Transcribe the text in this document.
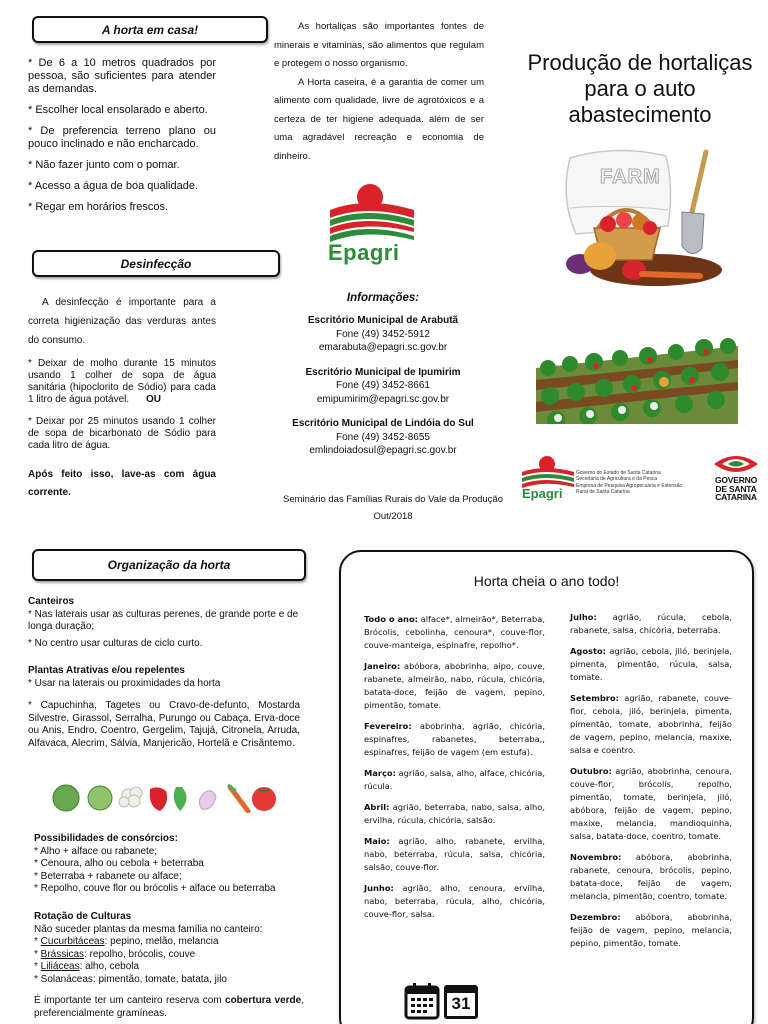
A horta em casa!

* De 6 a 10 metros quadrados por pessoa, são suficientes para atender as demandas.

* Escolher local ensolarado e aberto.

* De preferencia terreno plano ou pouco inclinado e não encharcado.

* Não fazer junto com o pomar.

* Acesso a água de boa qualidade.

* Regar em horários frescos.

Desinfecção

A desinfecção é importante para a correta higienização das verduras antes do consumo.

* Deixar de molho durante 15 minutos usando 1 colher de sopa de água sanitária (hipoclorito de Sódio) para cada 1 litro de água potável. OU

* Deixar por 25 minutos usando 1 colher de sopa de bicarbonato de Sódio para cada litro de água.

Após feito isso, lave-as com água corrente.

As hortaliças são importantes fontes de minerais e vitaminas, são alimentos que regulam e protegem o nosso organismo.

A Horta caseira, é a garantia de comer um alimento com qualidade, livre de agrotóxicos e a certeza de ter higiene adequada. além de ser uma agradável recreação e economia de dinheiro.

Epagri

Informações:

Escritório Municipal de Arabutã

Fone (49) 3452-5912

emarabuta@epagri.sc.gov.br

Escritório Municipal de Ipumirim

Fone (49) 3452-8661

emipumirim@epagri.sc.gov.br

Escritório Municipal de Lindóia do Sul

Fone (49) 3452-8655

emlindoiadosul@epagri.sc.gov.br

Seminário das Famílias Rurais do Vale da Produção

Out/2018

Produção de hortaliças para o auto abastecimento
FARM
Epagri
Governo do Estado de Santa Catarina
Secretaria de Agricultura e da Pesca
Empresa de Pesquisa Agropecuária e Extensão
Rural de Santa Catarina
GOVERNO
DE SANTA
CATARINA
Organização da horta

Canteiros

* Nas laterais usar as culturas perenes, de grande porte e de longa duração;

* No centro usar culturas de ciclo curto.

Plantas Atrativas e/ou repelentes

* Usar na laterais ou proximidades da horta

* Capuchinha, Tagetes ou Cravo-de-defunto, Mostarda Silvestre, Girassol, Serralha, Purungo ou Cabaça, Erva-doce ou Anis, Endro, Coentro, Gergelim, Tajujá, Citronela, Arruda, Alfavaca, Alecrim, Sálvia, Manjericão, Hortelã e Crisântemo.

Possibilidades de consórcios:

* Alho + alface ou rabanete;

* Cenoura, alho ou cebola + beterraba

* Beterraba + rabanete ou alface;

* Repolho, couve flor ou brócolis + alface ou beterraba

Rotação de Culturas

Não suceder plantas da mesma família no canteiro:

* Cucurbitáceas: pepino, melão, melancia

* Brássicas: repolho, brócolis, couve

* Liliáceas: alho, cebola

* Solanáceas: pimentão, tomate, batata, jilo

É importante ter um canteiro reserva com cobertura verde, preferencialmente gramíneas.

Horta cheia o ano todo!

Todo o ano: alface*, almeirão*, Beterraba, Brócolis, cebolinha, cenoura*, couve-flor, couve-manteiga, espinafre, repolho*.

Janeiro: abóbora, abobrinha, aipo, couve, rabanete, almeirão, nabo, rúcula, chicória, batata-doce, feijão de vagem, pepino, pimentão, tomate.

Fevereiro: abobrinha, agrião, chicória, espinafres, rabanetes, beterraba,, espinafres, feijão de vagem (em estufa).

Março: agrião, salsa, alho, alface, chicória, rúcula.

Abril: agrião, beterraba, nabo, salsa, alho, ervilha, rúcula, chicória, salsão.

Maio: agrião, alho, rabanete, ervilha, nabo, beterraba, rúcula, salsa, chicória, salsão, couve-flor.

Junho: agrião, alho, cenoura, ervilha, nabo, beterraba, rúcula, alho, chicória, couve-flor, salsa.

Julho: agrião, rúcula, cebola, rabanete, salsa, chicória, beterraba.

Agosto: agrião, cebola, jiló, berinjela, pimenta, pimentão, rúcula, salsa, tomate.

Setembro: agrião, rabanete, couve-flor, cebola, jiló, berinjela, pimenta, pimentão, tomate, abobrinha, feijão de vagem, pepino, melancia, maxixe, salsa e coentro.

Outubro: agrião, abobrinha, cenoura, couve-flor, brócolis, repolho, pimentão, tomate, berinjela, jiló, abóbora, feijão de vagem, pepino, maxixe, melancia, mandioquinha, salsa, batata-doce, coentro, tomate.

Novembro: abóbora, abobrinha, rabanete, cenoura, brócolis, pepino, batata-doce, feijão de vagem, melancia, pimentão, coentro, tomate.

Dezembro: abóbora, abobrinha, feijão de vagem, pepino, melancia, pepino, pimentão, tomate.

31
